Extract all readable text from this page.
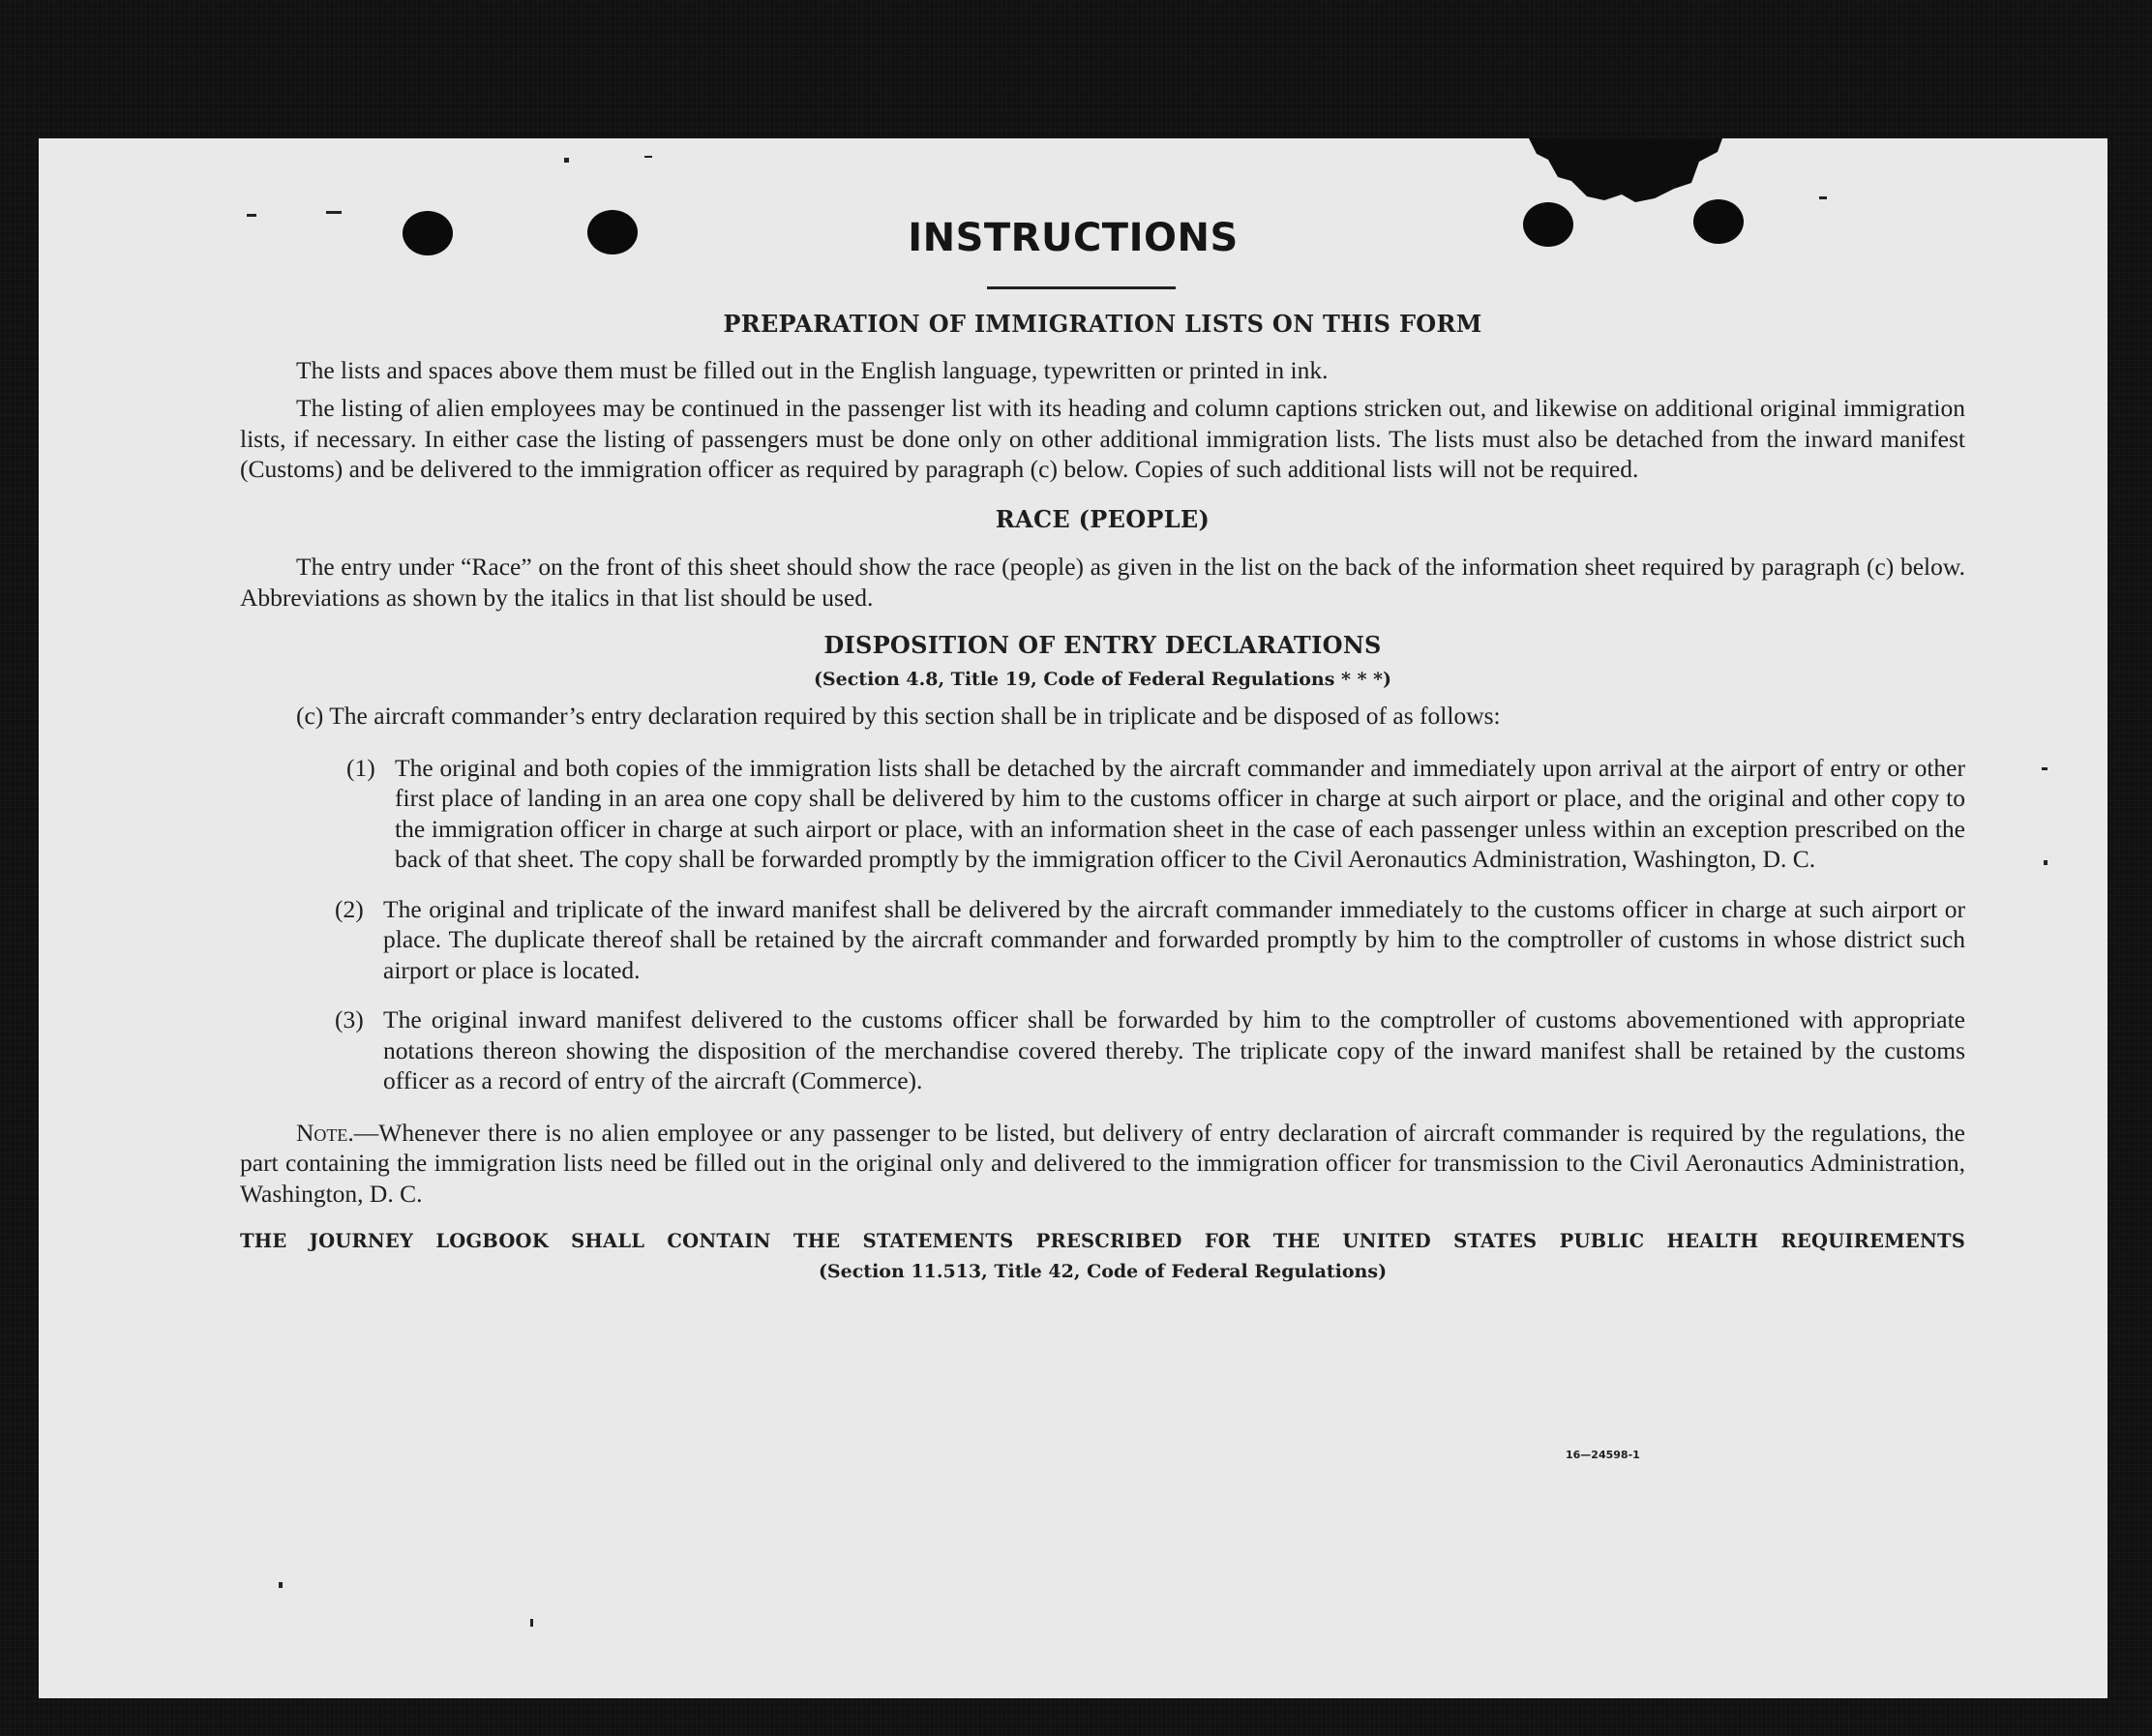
INSTRUCTIONS

PREPARATION OF IMMIGRATION LISTS ON THIS FORM

The lists and spaces above them must be filled out in the English language, typewritten or printed in ink.

The listing of alien employees may be continued in the passenger list with its heading and column captions stricken out, and likewise on additional original immigration lists, if necessary. In either case the listing of passengers must be done only on other additional immigration lists. The lists must also be detached from the inward manifest (Customs) and be delivered to the immigration officer as required by paragraph (c) below. Copies of such additional lists will not be required.

RACE (PEOPLE)

The entry under “Race” on the front of this sheet should show the race (people) as given in the list on the back of the information sheet required by paragraph (c) below. Abbreviations as shown by the italics in that list should be used.

DISPOSITION OF ENTRY DECLARATIONS

(Section 4.8, Title 19, Code of Federal Regulations * * *)

(c) The aircraft commander’s entry declaration required by this section shall be in triplicate and be disposed of as follows:

(1) The original and both copies of the immigration lists shall be detached by the aircraft commander and immediately upon arrival at the airport of entry or other first place of landing in an area one copy shall be delivered by him to the customs officer in charge at such airport or place, and the original and other copy to the immigration officer in charge at such airport or place, with an information sheet in the case of each passenger unless within an exception prescribed on the back of that sheet. The copy shall be forwarded promptly by the immigration officer to the Civil Aeronautics Administration, Washington, D. C.

(2) The original and triplicate of the inward manifest shall be delivered by the aircraft commander immediately to the customs officer in charge at such airport or place. The duplicate thereof shall be retained by the aircraft commander and forwarded promptly by him to the comptroller of customs in whose district such airport or place is located.

(3) The original inward manifest delivered to the customs officer shall be forwarded by him to the comptroller of customs abovementioned with appropriate notations thereon showing the disposition of the merchandise covered thereby. The triplicate copy of the inward manifest shall be retained by the customs officer as a record of entry of the aircraft (Commerce).

Note.—Whenever there is no alien employee or any passenger to be listed, but delivery of entry declaration of aircraft commander is required by the regulations, the part containing the immigration lists need be filled out in the original only and delivered to the immigration officer for transmission to the Civil Aeronautics Administration, Washington, D. C.

THE JOURNEY LOGBOOK SHALL CONTAIN THE STATEMENTS PRESCRIBED FOR THE UNITED STATES PUBLIC HEALTH REQUIREMENTS

(Section 11.513, Title 42, Code of Federal Regulations)

16—24598-1
